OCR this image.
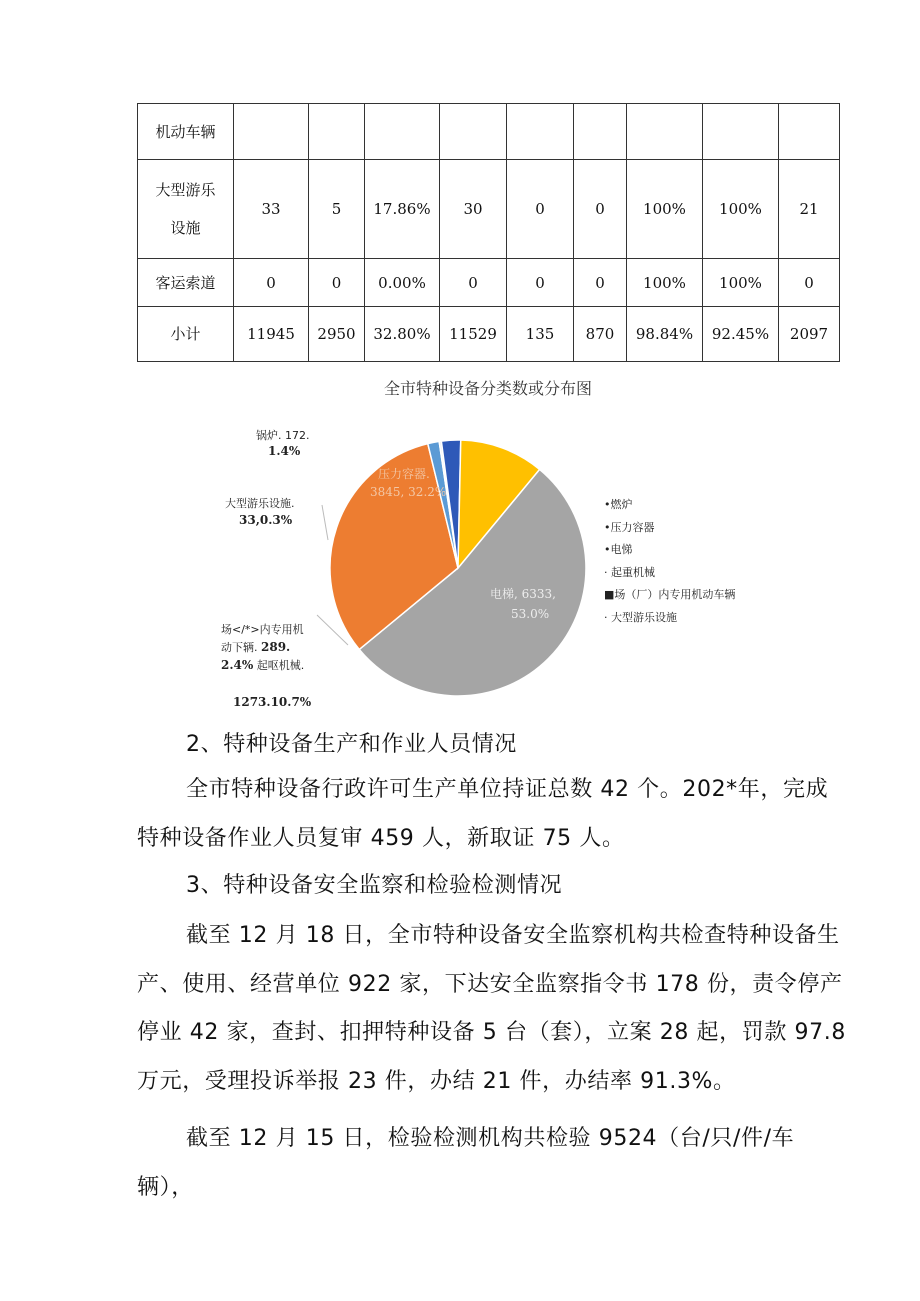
机动车辆									

大型游乐
设施	33	5	17.86%	30	0	0	100%	100%	21
客运索道	0	0	0.00%	0	0	0	100%	100%	0
小计	11945	2950	32.80%	11529	135	870	98.84%	92.45%	2097
全市特种设备分类数或分布图
锅炉. 172.
1.4%
压力容器.
3845, 32.2%
大型游乐设施.
33,0.3%
电梯, 6333,
53.0%
场</*>内专用机
动下辆. 289.
2.4% 起呕机械.
1273.10.7%
•燃炉
•压力容器
•电悌
· 起重机械
■场（厂）内专用机动车辆
· 大型游乐设施

2、特种设备生产和作业人员情况

全市特种设备行政许可生产单位持证总数 42 个。202*年，完成特种设备作业人员复审 459 人，新取证 75 人。

3、特种设备安全监察和检验检测情况

截至 12 月 18 日，全市特种设备安全监察机构共检查特种设备生产、使用、经营单位 922 家，下达安全监察指令书 178 份，责令停产停业 42 家，查封、扣押特种设备 5 台（套），立案 28 起，罚款 97.8 万元，受理投诉举报 23 件，办结 21 件，办结率 91.3%。

截至 12 月 15 日，检验检测机构共检验 9524（台/只/件/车辆），
